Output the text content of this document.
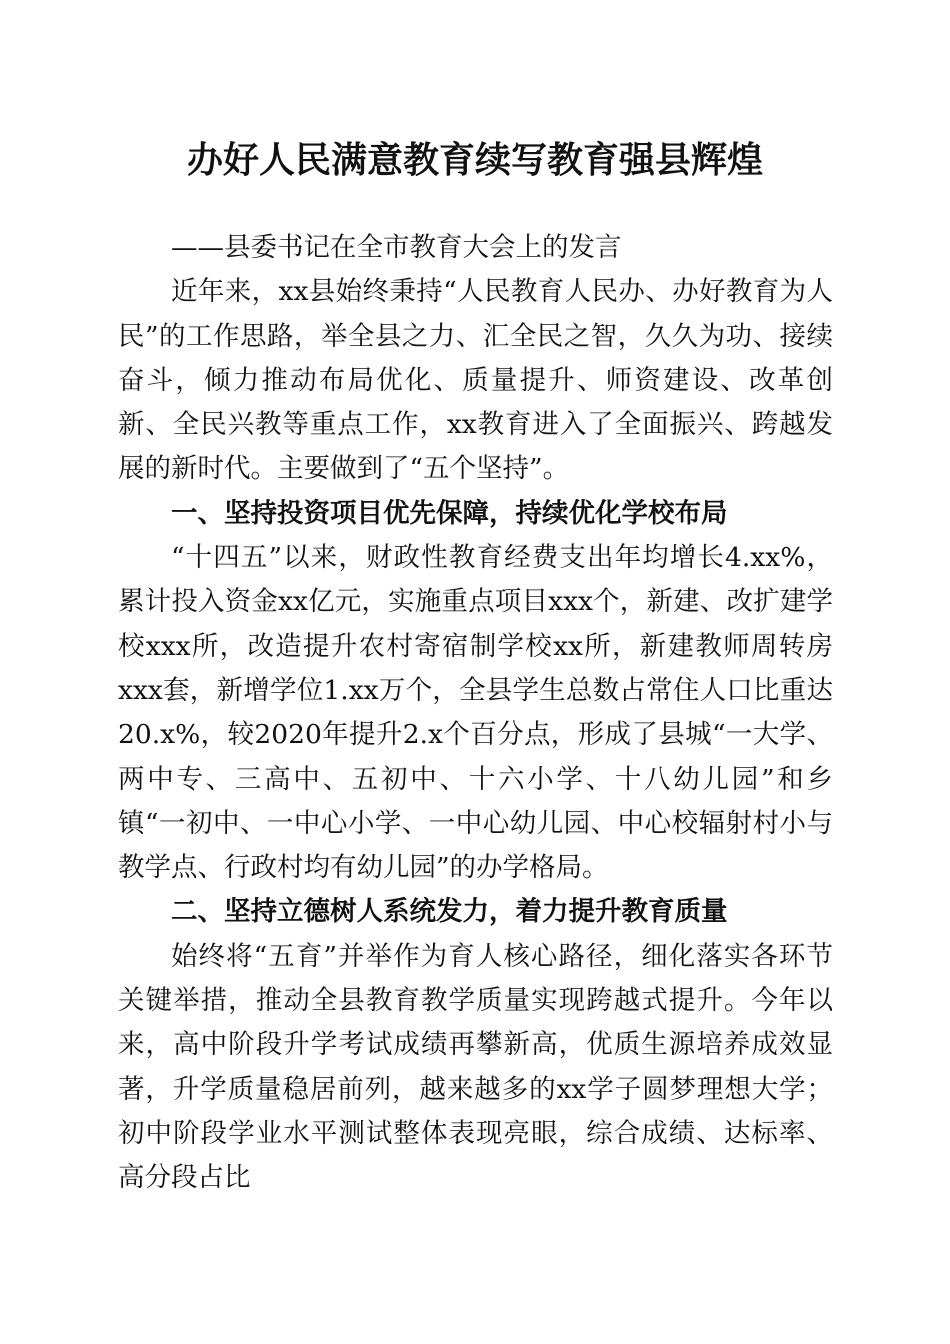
办好人民满意教育续写教育强县辉煌

——县委书记在全市教育大会上的发言

近年来，xx县始终秉持“人民教育人民办、办好教育为人民”的工作思路，举全县之力、汇全民之智，久久为功、接续奋斗，倾力推动布局优化、质量提升、师资建设、改革创新、全民兴教等重点工作，xx教育进入了全面振兴、跨越发展的新时代。主要做到了“五个坚持”。

一、坚持投资项目优先保障，持续优化学校布局

“十四五”以来，财政性教育经费支出年均增长4.xx%，累计投入资金xx亿元，实施重点项目xxx个，新建、改扩建学校xxx所，改造提升农村寄宿制学校xx所，新建教师周转房xxx套，新增学位1.xx万个，全县学生总数占常住人口比重达20.x%，较2020年提升2.x个百分点，形成了县城“一大学、两中专、三高中、五初中、十六小学、十八幼儿园”和乡镇“一初中、一中心小学、一中心幼儿园、中心校辐射村小与教学点、行政村均有幼儿园”的办学格局。

二、坚持立德树人系统发力，着力提升教育质量

始终将“五育”并举作为育人核心路径，细化落实各环节关键举措，推动全县教育教学质量实现跨越式提升。今年以来，高中阶段升学考试成绩再攀新高，优质生源培养成效显著，升学质量稳居前列，越来越多的xx学子圆梦理想大学；初中阶段学业水平测试整体表现亮眼，综合成绩、达标率、高分段占比
